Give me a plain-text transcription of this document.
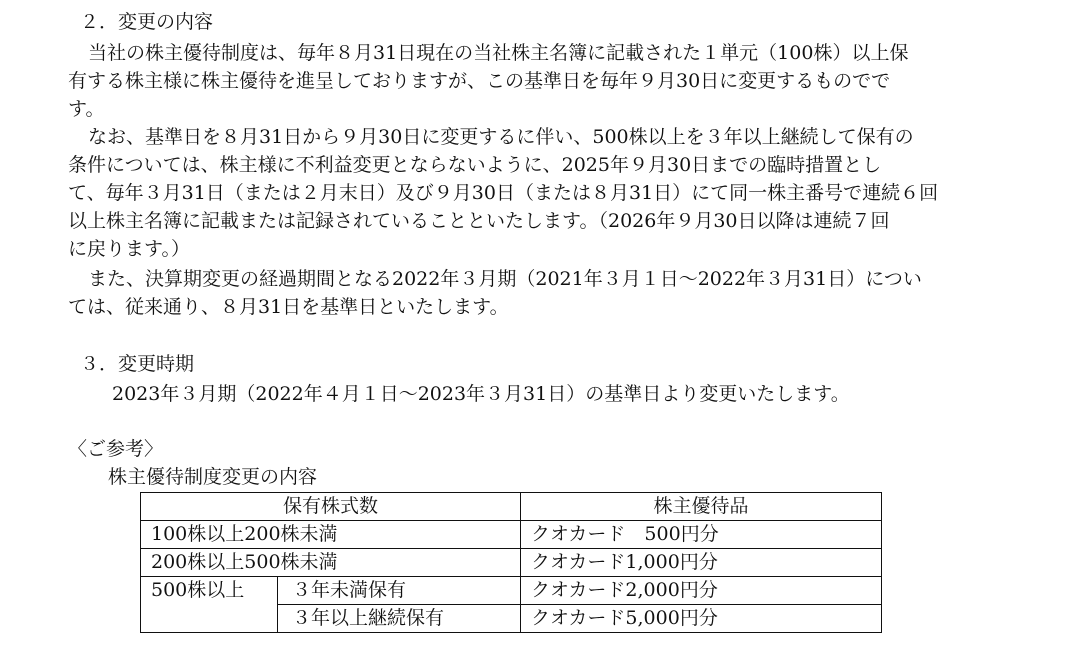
２．変更の内容
当社の株主優待制度は、毎年８月31日現在の当社株主名簿に記載された１単元（100株）以上保
有する株主様に株主優待を進呈しておりますが、この基準日を毎年９月30日に変更するものでで
す。
なお、基準日を８月31日から９月30日に変更するに伴い、500株以上を３年以上継続して保有の
条件については、株主様に不利益変更とならないように、2025年９月30日までの臨時措置とし
て、毎年３月31日（または２月末日）及び９月30日（または８月31日）にて同一株主番号で連続６回
以上株主名簿に記載または記録されていることといたします。（2026年９月30日以降は連続７回
に戻ります。）
また、決算期変更の経過期間となる2022年３月期（2021年３月１日～2022年３月31日）につい
ては、従来通り、８月31日を基準日といたします。
３．変更時期
2023年３月期（2022年４月１日～2023年３月31日）の基準日より変更いたします。
〈ご参考〉
株主優待制度変更の内容
保有株式数		株主優待品
100株以上200株未満		クオカード　500円分
200株以上500株未満		クオカード1,000円分
500株以上	３年未満保有	クオカード2,000円分
	３年以上継続保有	クオカード5,000円分
